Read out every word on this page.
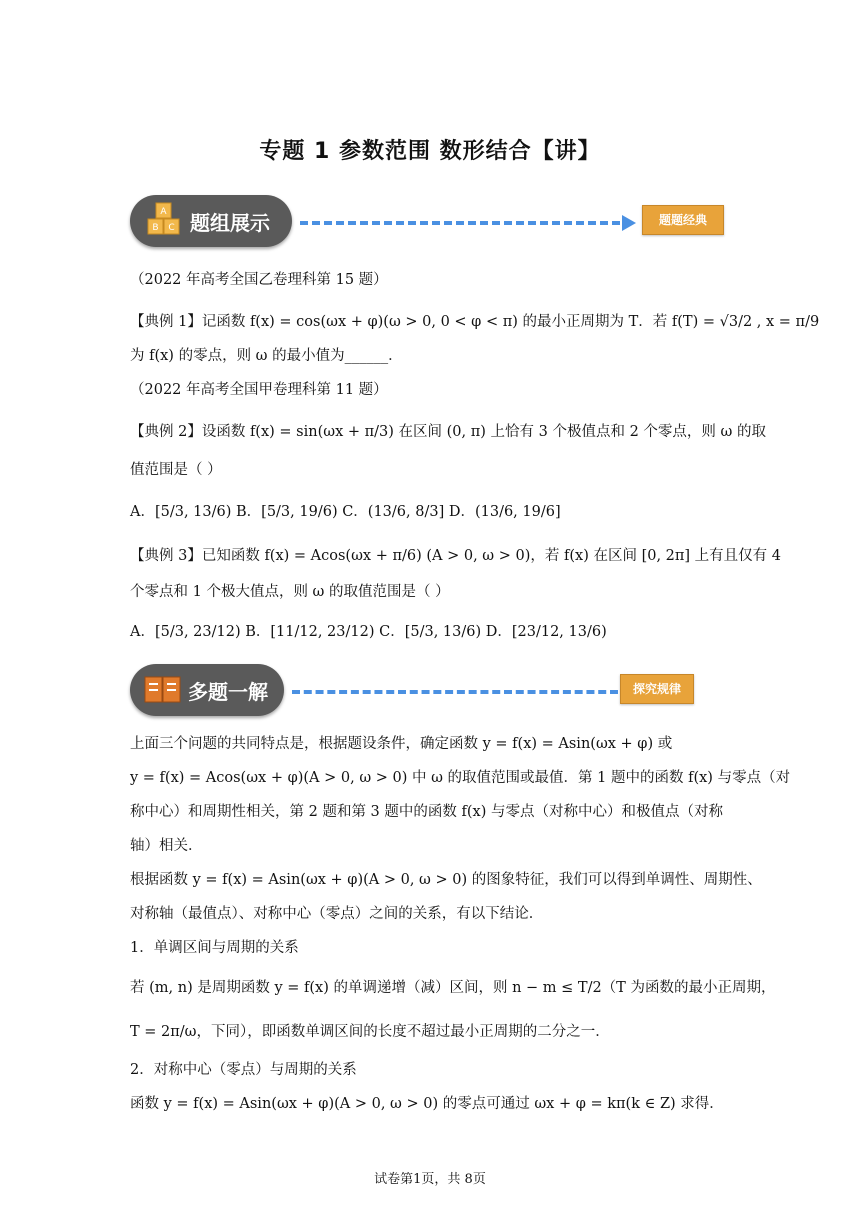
专题 1 参数范围 数形结合【讲】
A
B C 题组展示	题题经典
（2022 年高考全国乙卷理科第 15 题）
【典例 1】记函数 f(x) = cos(ωx + φ)(ω > 0, 0 < φ < π) 的最小正周期为 T．若 f(T) = √3/2 , x = π/9
为 f(x) 的零点，则 ω 的最小值为______．
（2022 年高考全国甲卷理科第 11 题）
【典例 2】设函数 f(x) = sin(ωx + π/3) 在区间 (0, π) 上恰有 3 个极值点和 2 个零点，则 ω 的取
值范围是（ ）
A．[5/3, 13/6) B．[5/3, 19/6) C．(13/6, 8/3] D．(13/6, 19/6]
【典例 3】已知函数 f(x) = Acos(ωx + π/6) (A > 0, ω > 0)，若 f(x) 在区间 [0, 2π] 上有且仅有 4
个零点和 1 个极大值点，则 ω 的取值范围是（ ）
A．[5/3, 23/12) B．[11/12, 23/12) C．[5/3, 13/6) D．[23/12, 13/6)
多题一解	探究规律
上面三个问题的共同特点是，根据题设条件，确定函数 y = f(x) = Asin(ωx + φ) 或
y = f(x) = Acos(ωx + φ)(A > 0, ω > 0) 中 ω 的取值范围或最值．第 1 题中的函数 f(x) 与零点（对
称中心）和周期性相关，第 2 题和第 3 题中的函数 f(x) 与零点（对称中心）和极值点（对称
轴）相关．
根据函数 y = f(x) = Asin(ωx + φ)(A > 0, ω > 0) 的图象特征，我们可以得到单调性、周期性、
对称轴（最值点）、对称中心（零点）之间的关系，有以下结论．
1．单调区间与周期的关系
若 (m, n) 是周期函数 y = f(x) 的单调递增（减）区间，则 n − m ≤ T/2（T 为函数的最小正周期，
T = 2π/ω，下同），即函数单调区间的长度不超过最小正周期的二分之一．
2．对称中心（零点）与周期的关系
函数 y = f(x) = Asin(ωx + φ)(A > 0, ω > 0) 的零点可通过 ωx + φ = kπ(k ∈ Z) 求得．
试卷第1页，共 8页
